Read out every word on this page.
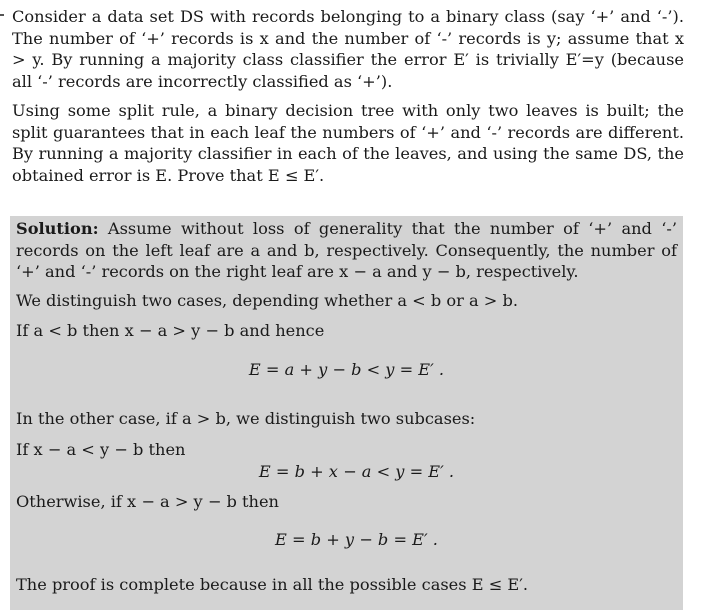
Consider a data set DS with records belonging to a binary class (say ‘+’ and ‘-’). The number of ‘+’ records is x and the number of ‘-’ records is y; assume that x > y. By running a majority class classifier the error E′ is trivially E′=y (because all ‘-’ records are incorrectly classified as ‘+’).

Using some split rule, a binary decision tree with only two leaves is built; the split guarantees that in each leaf the numbers of ‘+’ and ‘-’ records are different. By running a majority classifier in each of the leaves, and using the same DS, the obtained error is E. Prove that E ≤ E′.

Solution: Assume without loss of generality that the number of ‘+’ and ‘-’ records on the left leaf are a and b, respectively. Consequently, the number of ‘+’ and ‘-’ records on the right leaf are x − a and y − b, respectively.

We distinguish two cases, depending whether a < b or a > b.

If a < b then x − a > y − b and hence

E = a + y − b < y = E′ .

In the other case, if a > b, we distinguish two subcases:

If x − a < y − b then

E = b + x − a < y = E′ .

Otherwise, if x − a > y − b then

E = b + y − b = E′ .

The proof is complete because in all the possible cases E ≤ E′.
